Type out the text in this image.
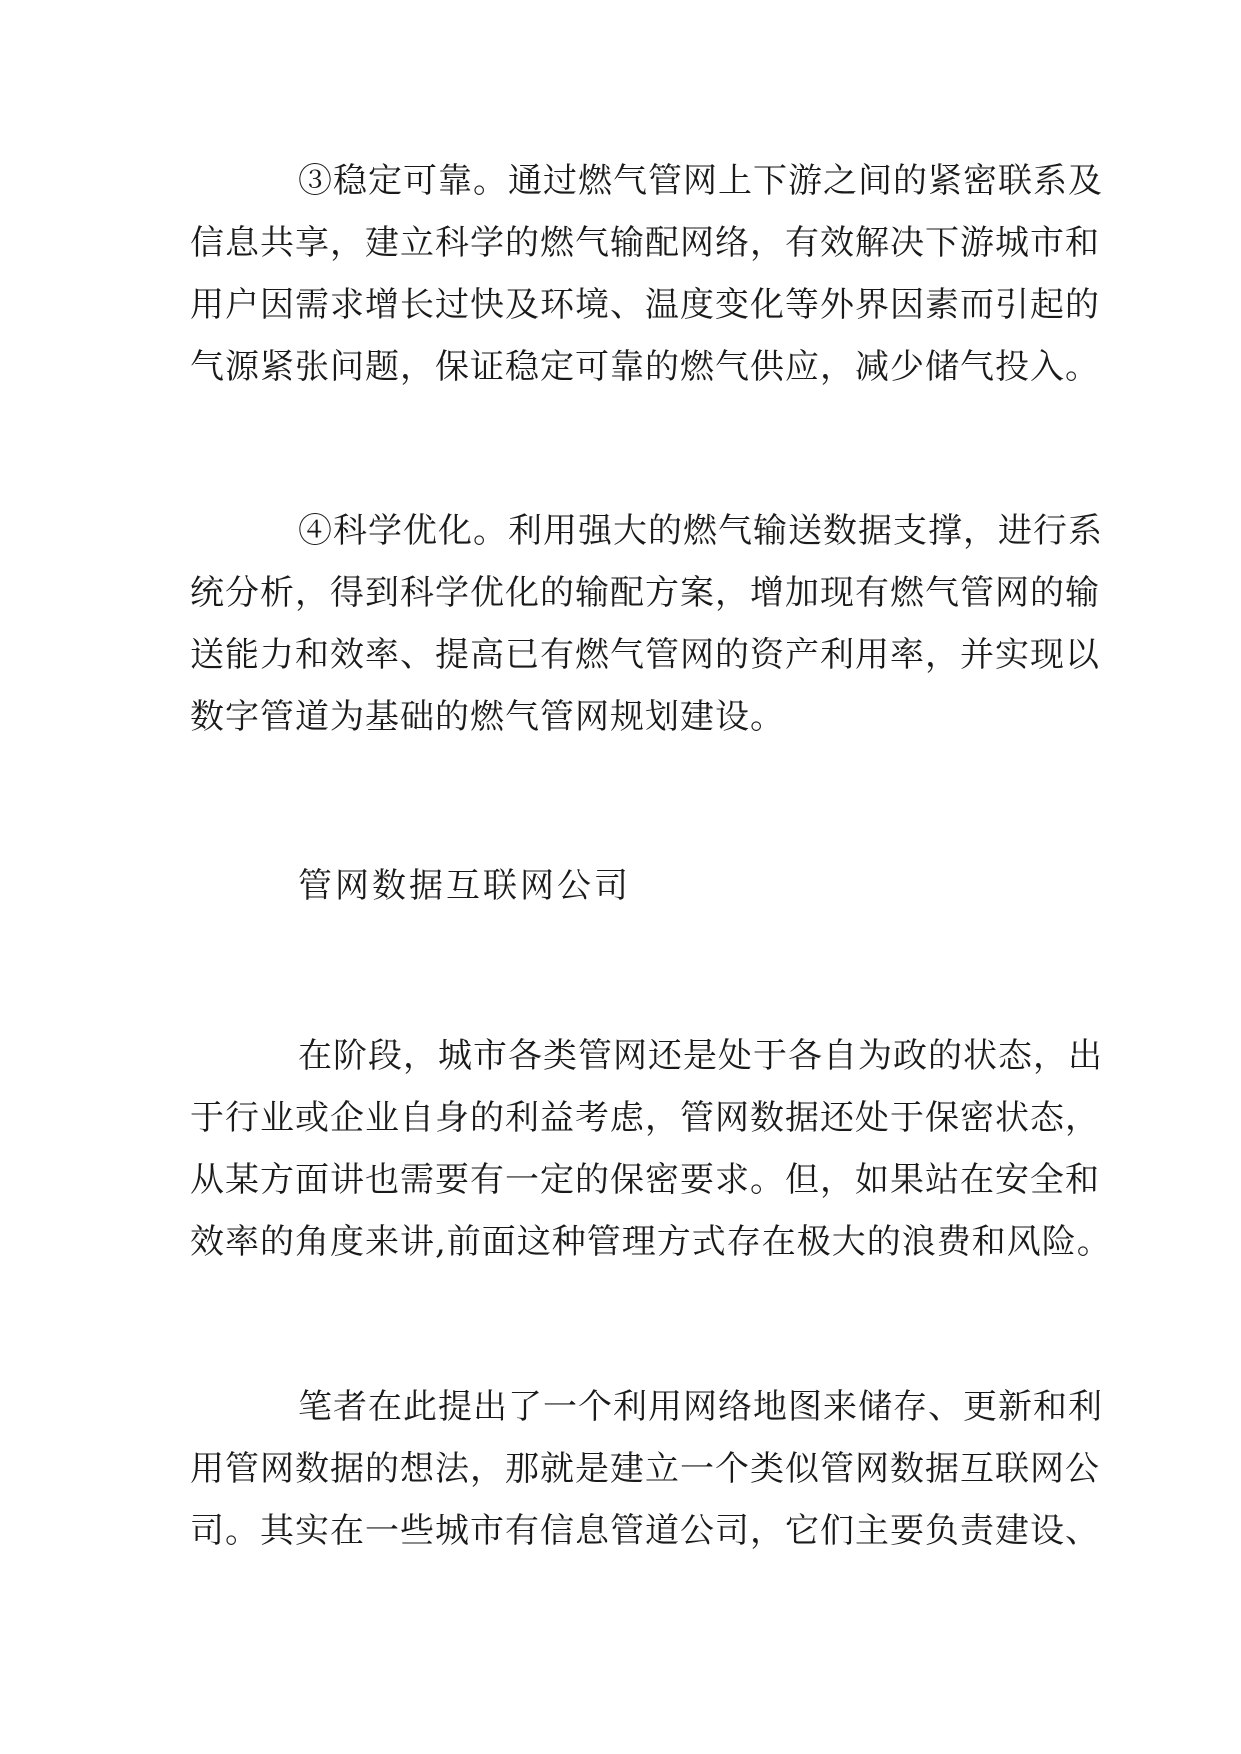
③稳定可靠。通过燃气管网上下游之间的紧密联系及
信息共享，建立科学的燃气输配网络，有效解决下游城市和
用户因需求增长过快及环境、温度变化等外界因素而引起的
气源紧张问题，保证稳定可靠的燃气供应，减少储气投入。
④科学优化。利用强大的燃气输送数据支撑，进行系
统分析，得到科学优化的输配方案，增加现有燃气管网的输
送能力和效率、提高已有燃气管网的资产利用率，并实现以
数字管道为基础的燃气管网规划建设。
管网数据互联网公司
在阶段，城市各类管网还是处于各自为政的状态，出
于行业或企业自身的利益考虑，管网数据还处于保密状态，
从某方面讲也需要有一定的保密要求。但，如果站在安全和
效率的角度来讲,前面这种管理方式存在极大的浪费和风险。
笔者在此提出了一个利用网络地图来储存、更新和利
用管网数据的想法，那就是建立一个类似管网数据互联网公
司。其实在一些城市有信息管道公司，它们主要负责建设、
